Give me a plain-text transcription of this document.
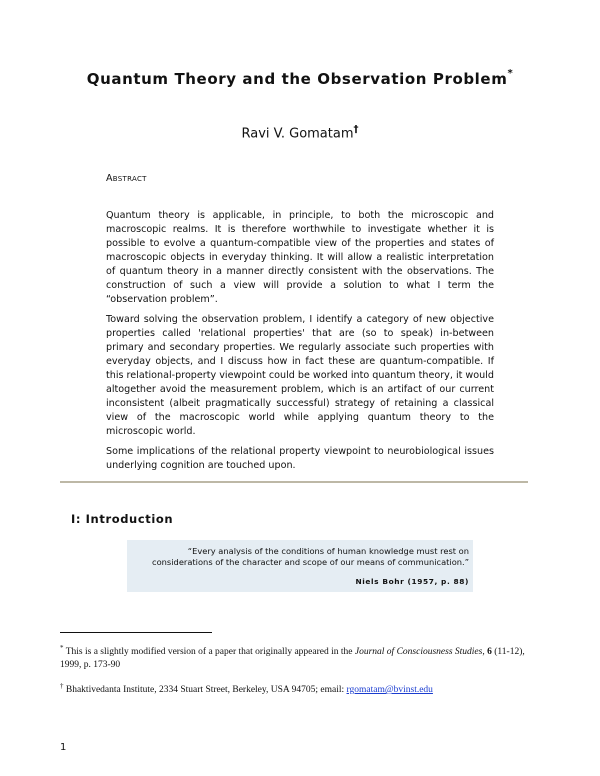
Quantum Theory and the Observation Problem*
Ravi V. Gomatam†
Abstract

Quantum theory is applicable, in principle, to both the microscopic and macroscopic realms. It is therefore worthwhile to investigate whether it is possible to evolve a quantum-compatible view of the properties and states of macroscopic objects in everyday thinking. It will allow a realistic interpretation of quantum theory in a manner directly consistent with the observations. The construction of such a view will provide a solution to what I term the “observation problem”.

Toward solving the observation problem, I identify a category of new objective properties called 'relational properties' that are (so to speak) in-between primary and secondary properties. We regularly associate such properties with everyday objects, and I discuss how in fact these are quantum-compatible. If this relational-property viewpoint could be worked into quantum theory, it would altogether avoid the measurement problem, which is an artifact of our current inconsistent (albeit pragmatically successful) strategy of retaining a classical view of the macroscopic world while applying quantum theory to the microscopic world.

Some implications of the relational property viewpoint to neurobiological issues underlying cognition are touched upon.

I: Introduction
“Every analysis of the conditions of human knowledge must rest on considerations of the character and scope of our means of communication.”
Niels Bohr (1957, p. 88)
* This is a slightly modified version of a paper that originally appeared in the Journal of Consciousness Studies, 6 (11-12), 1999, p. 173-90
† Bhaktivedanta Institute, 2334 Stuart Street, Berkeley, USA 94705; email: rgomatam@bvinst.edu
1
